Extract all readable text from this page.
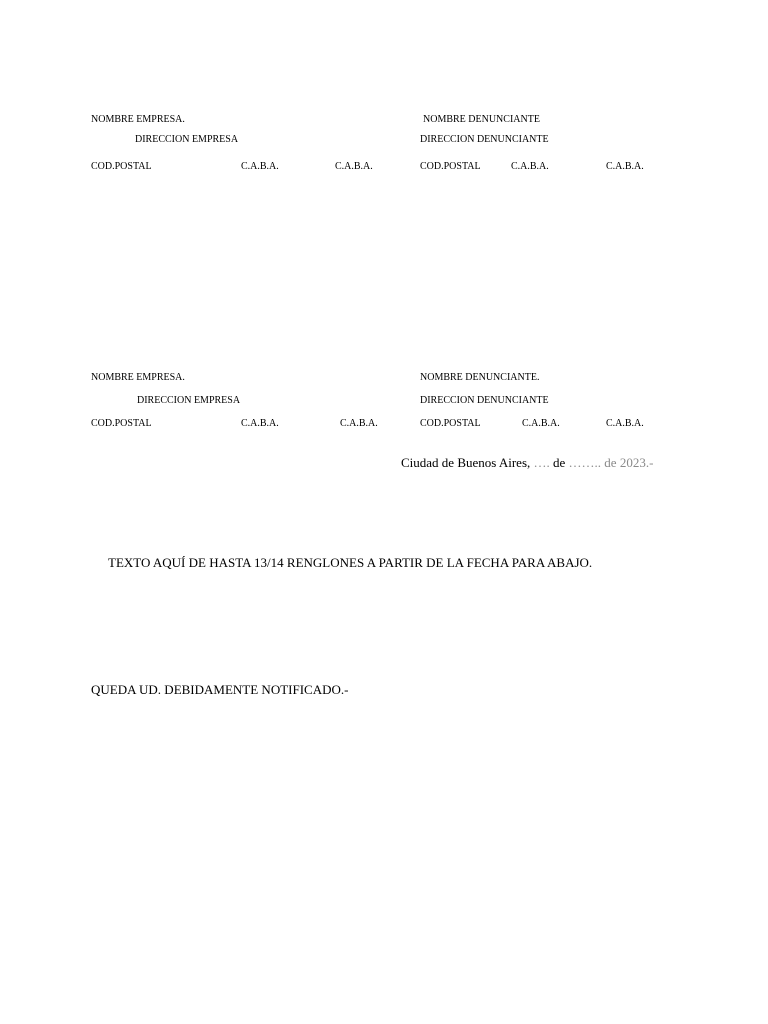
NOMBRE EMPRESA.
DIRECCION EMPRESA
COD.POSTAL	C.A.B.A.	C.A.B.A.
NOMBRE DENUNCIANTE
DIRECCION DENUNCIANTE
COD.POSTAL	C.A.B.A.	C.A.B.A.
NOMBRE EMPRESA.
DIRECCION EMPRESA
COD.POSTAL	C.A.B.A.	C.A.B.A.
NOMBRE DENUNCIANTE.
DIRECCION DENUNCIANTE
COD.POSTAL	C.A.B.A.	C.A.B.A.
Ciudad de Buenos Aires, …. de …….. de 2023.-
TEXTO AQUÍ DE HASTA 13/14 RENGLONES A PARTIR DE LA FECHA PARA ABAJO.
QUEDA UD. DEBIDAMENTE NOTIFICADO.-
